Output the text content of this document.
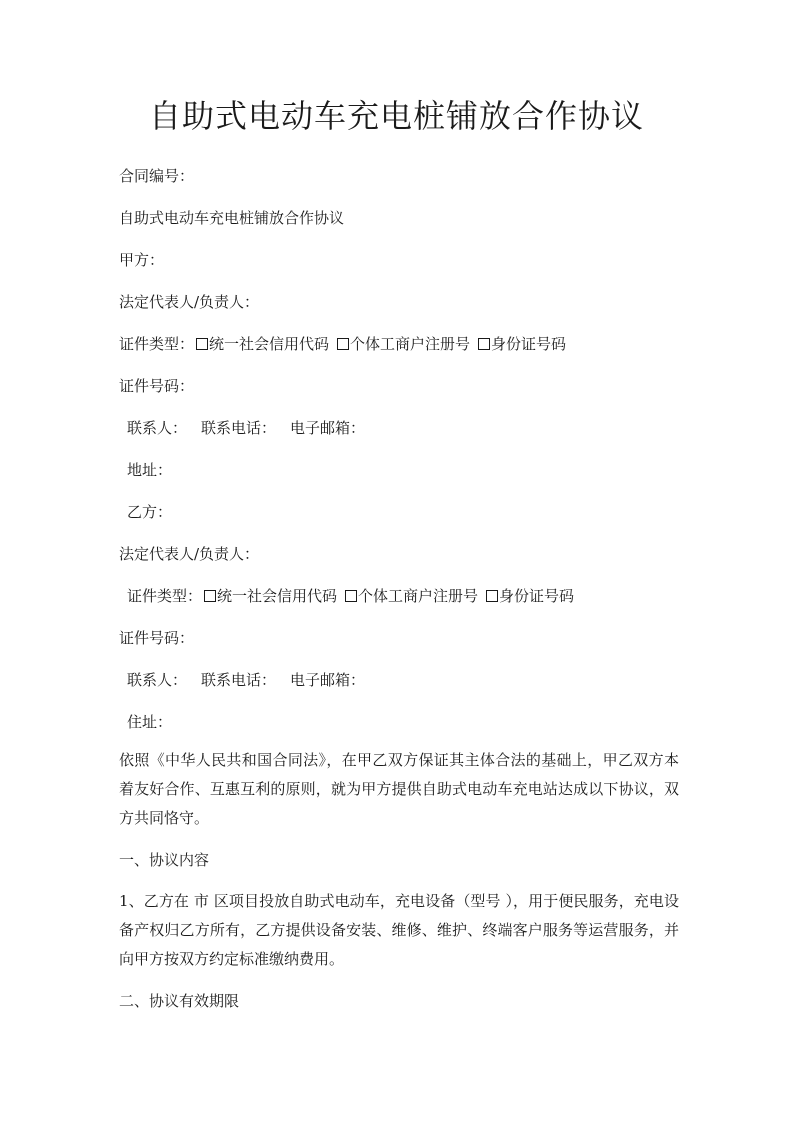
自助式电动车充电桩铺放合作协议

合同编号：

自助式电动车充电桩铺放合作协议

甲方：

法定代表人/负责人：

证件类型： 统一社会信用代码 个体工商户注册号 身份证号码

证件号码：

联系人： 联系电话： 电子邮箱：

地址：

乙方：

法定代表人/负责人：

证件类型： 统一社会信用代码 个体工商户注册号 身份证号码

证件号码：

联系人： 联系电话： 电子邮箱：

住址：

依照《中华人民共和国合同法》，在甲乙双方保证其主体合法的基础上，甲乙双方本着友好合作、互惠互利的原则，就为甲方提供自助式电动车充电站达成以下协议，双方共同恪守。

一、协议内容

1、乙方在 市 区项目投放自助式电动车，充电设备（型号 ），用于便民服务，充电设备产权归乙方所有，乙方提供设备安装、维修、维护、终端客户服务等运营服务，并向甲方按双方约定标准缴纳费用。

二、协议有效期限
